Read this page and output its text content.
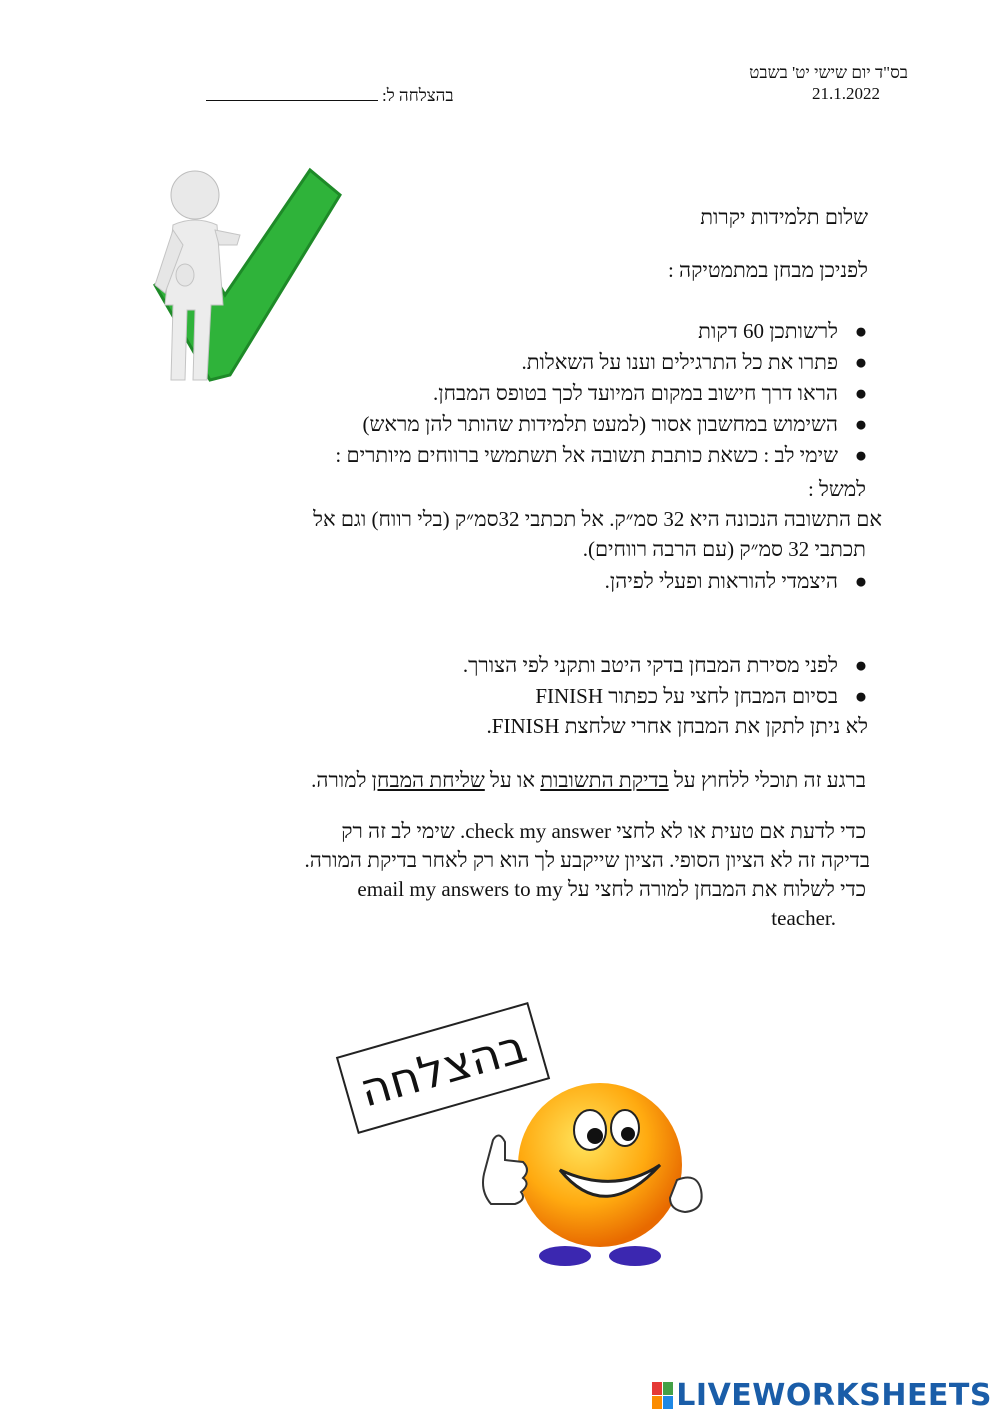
בס"ד יום שישי יט' בשבט
21.1.2022
בהצלחה ל:
שלום תלמידות יקרות
לפניכן מבחן במתמטיקה :
●
לרשותכן 60 דקות
●
פתרו את כל התרגילים וענו על השאלות.
●
הראו דרך חישוב במקום המיועד לכך בטופס המבחן.
●
השימוש במחשבון אסור (למעט תלמידות שהותר להן מראש)
●
שימי לב : כשאת כותבת תשובה אל תשתמשי ברווחים מיותרים :

למשל :

אם התשובה הנכונה היא 32 סמ״ק. אל תכתבי 32סמ״ק (בלי רווח) וגם אל

תכתבי 32 סמ״ק (עם הרבה רווחים).

●
היצמדי להוראות ופעלי לפיהן.
●
לפני מסירת המבחן בדקי היטב ותקני לפי הצורך.
●
בסיום המבחן לחצי על כפתור FINISH
לא ניתן לתקן את המבחן אחרי שלחצת FINISH.
ברגע זה תוכלי ללחוץ על בדיקת התשובות או על שליחת המבחן למורה.
כדי לדעת אם טעית או לא לחצי check my answer. שימי לב זה רק
בדיקה זה לא הציון הסופי. הציון שייקבע לך הוא רק לאחר בדיקת המורה.
כדי לשלוח את המבחן למורה לחצי על email my answers to my
teacher.
בהצלחה
LIVEWORKSHEETS
